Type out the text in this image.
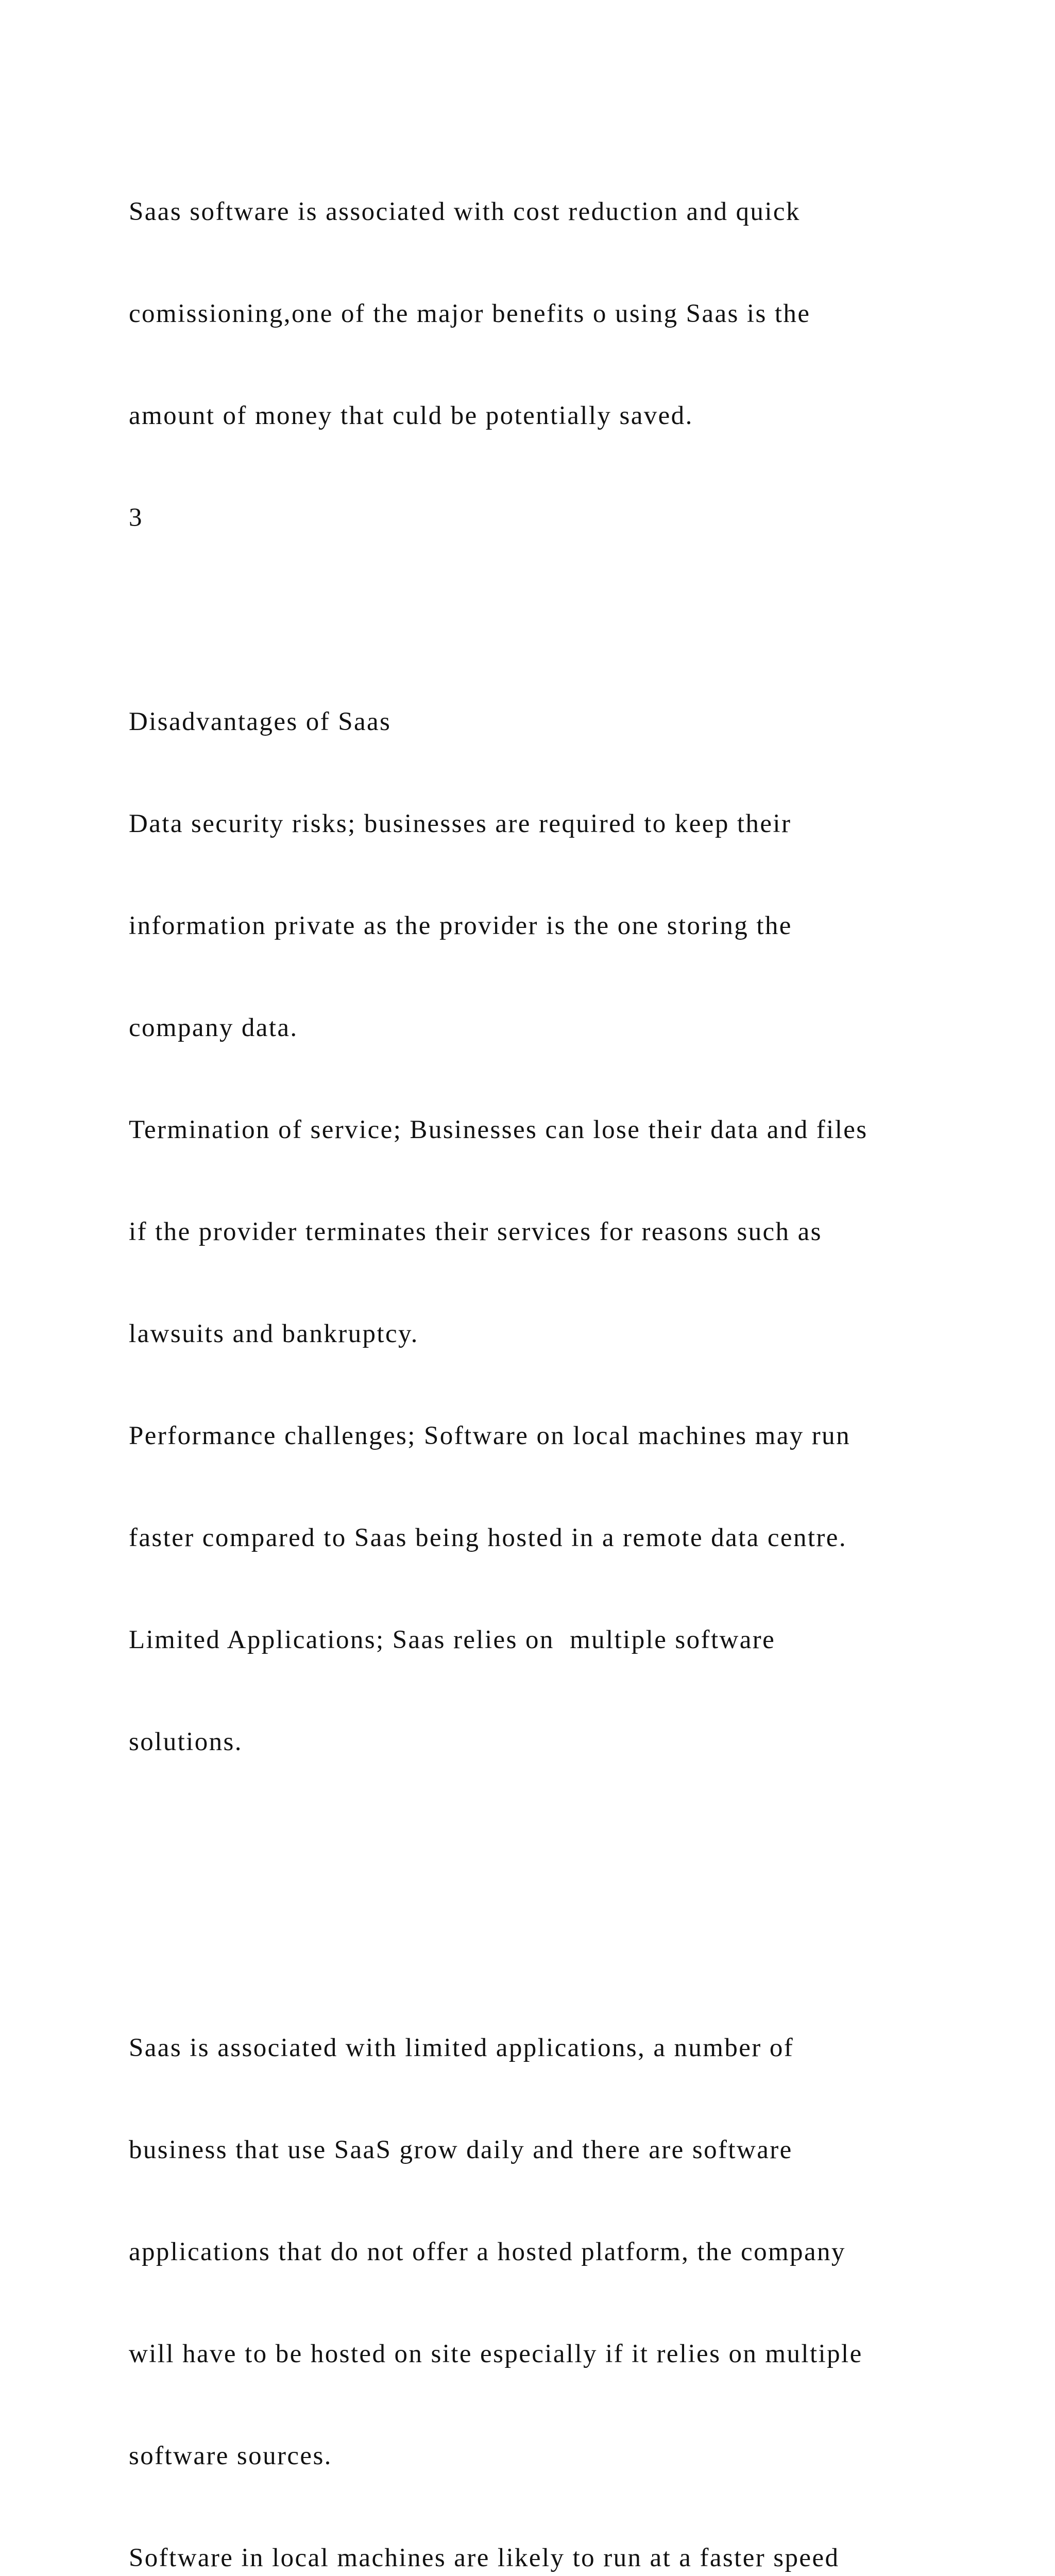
Saas software is associated with cost reduction and quick

comissioning,one of the major benefits o using Saas is the

amount of money that culd be potentially saved.

3

Disadvantages of Saas

Data security risks; businesses are required to keep their

information private as the provider is the one storing the

company data.

Termination of service; Businesses can lose their data and files

if the provider terminates their services for reasons such as

lawsuits and bankruptcy.

Performance challenges; Software on local machines may run

faster compared to Saas being hosted in a remote data centre.

Limited Applications; Saas relies on  multiple software

solutions.

Saas is associated with limited applications, a number of

business that use SaaS grow daily and there are software

applications that do not offer a hosted platform, the company

will have to be hosted on site especially if it relies on multiple

software sources.

Software in local machines are likely to run at a faster speed
